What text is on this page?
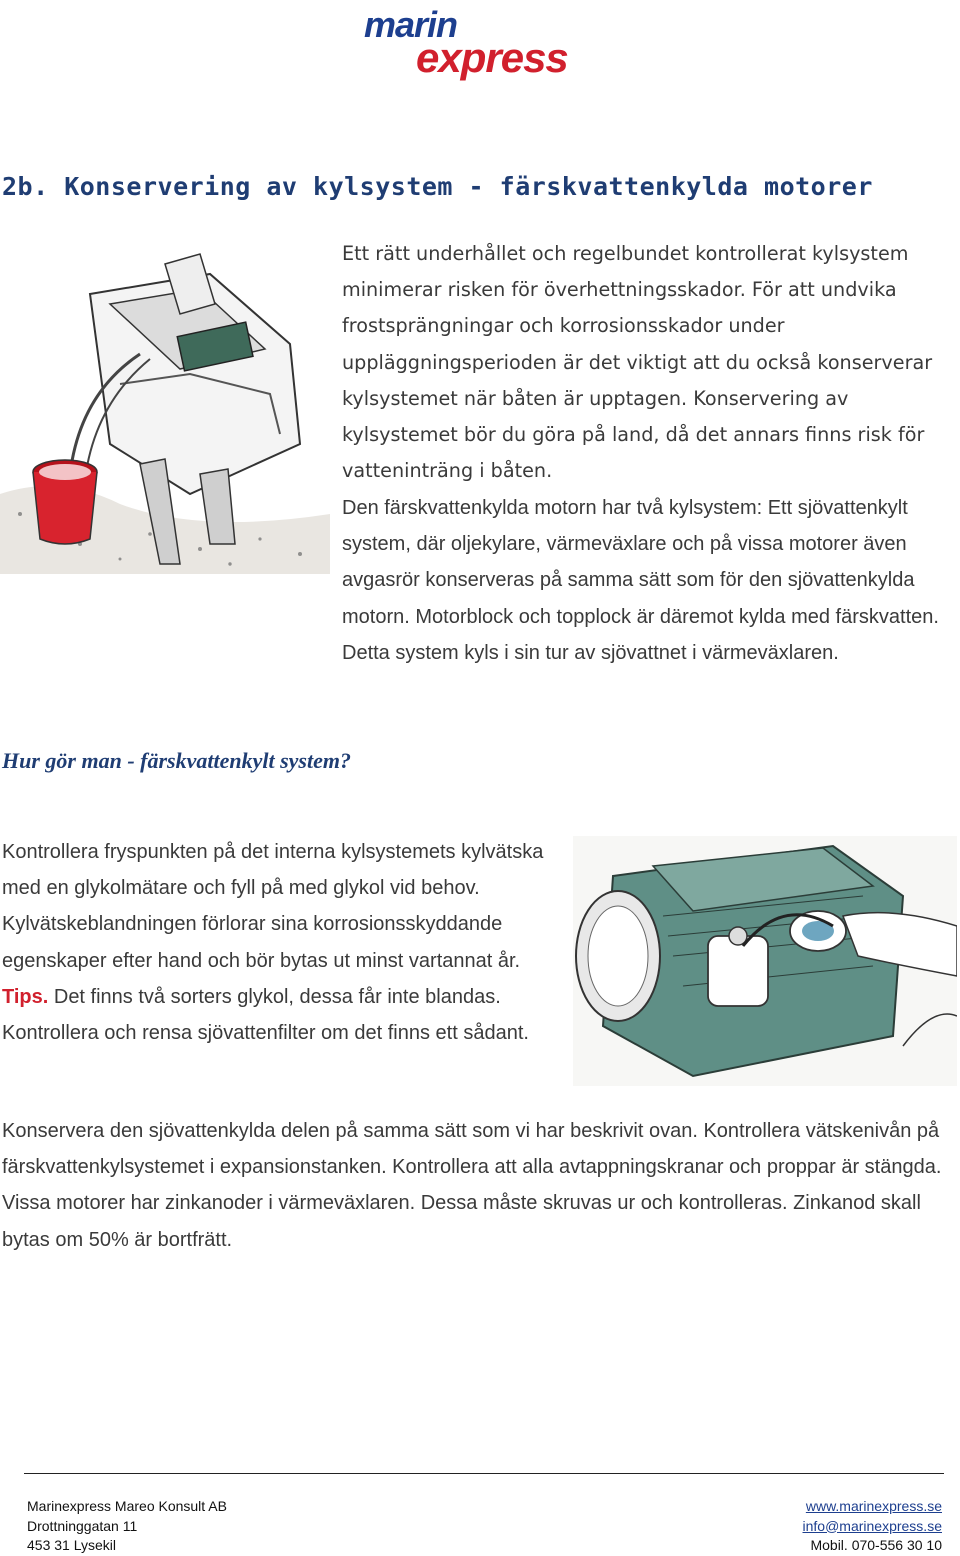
marin
express
2b. Konservering av kylsystem - färskvattenkylda motorer

Ett rätt underhållet och regelbundet kontrollerat kylsystem minimerar risken för överhettningsskador. För att undvika frostsprängningar och korrosionsskador under uppläggningsperioden är det viktigt att du också konserverar kylsystemet när båten är upptagen. Konservering av kylsystemet bör du göra på land, då det annars finns risk för vatteninträng i båten.

Den färskvattenkylda motorn har två kylsystem: Ett sjövattenkylt system, där oljekylare, värmeväxlare och på vissa motorer även avgasrör konserveras på samma sätt som för den sjövattenkylda motorn. Motorblock och topplock är däremot kylda med färskvatten. Detta system kyls i sin tur av sjövattnet i värmeväxlaren.

Hur gör man - färskvattenkylt system?

Kontrollera fryspunkten på det interna kylsystemets kylvätska med en glykolmätare och fyll på med glykol vid behov. Kylvätskeblandningen förlorar sina korrosionsskyddande egenskaper efter hand och bör bytas ut minst vartannat år. Tips. Det finns två sorters glykol, dessa får inte blandas. Kontrollera och rensa sjövattenfilter om det finns ett sådant.

Konservera den sjövattenkylda delen på samma sätt som vi har beskrivit ovan. Kontrollera vätskenivån på färskvattenkylsystemet i expansionstanken. Kontrollera att alla avtappningskranar och proppar är stängda. Vissa motorer har zinkanoder i värmeväxlaren. Dessa måste skruvas ur och kontrolleras. Zinkanod skall bytas om 50% är bortfrätt.

Marinexpress Mareo Konsult AB
Drottninggatan 11
453 31 Lysekil
www.marinexpress.se
info@marinexpress.se
Mobil. 070-556 30 10
